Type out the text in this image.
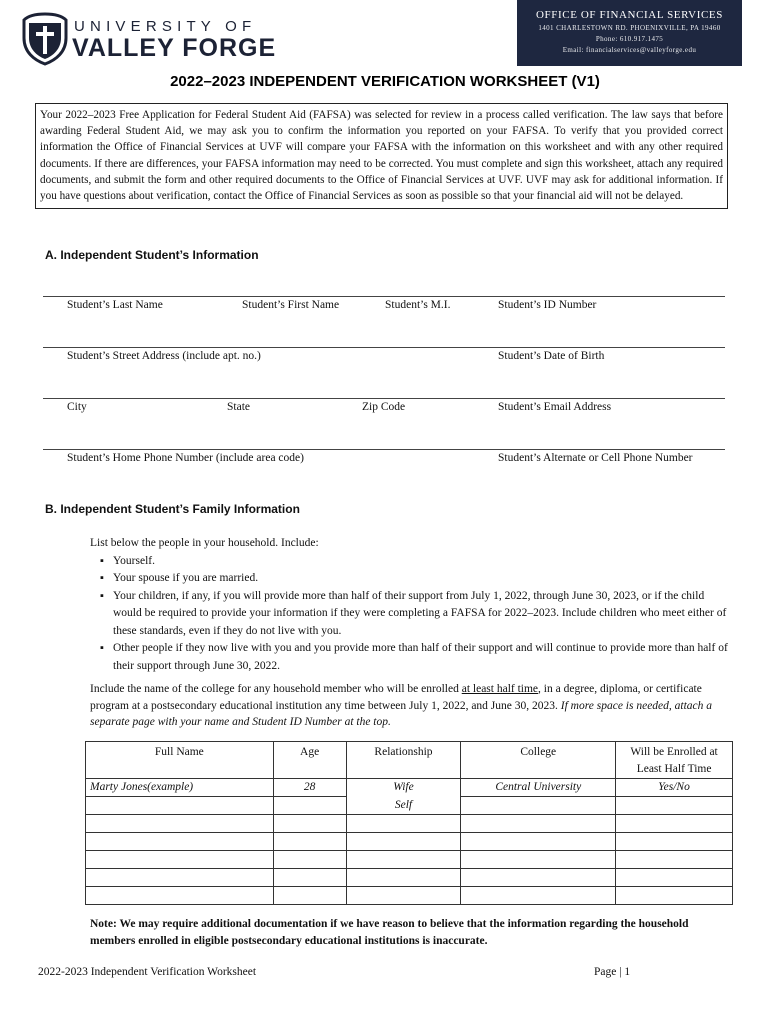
UNIVERSITY OF
VALLEY FORGE
OFFICE OF FINANCIAL SERVICES
1401 CHARLESTOWN RD. PHOENIXVILLE, PA 19460
Phone: 610.917.1475
Email: financialservices@valleyforge.edu
2022–2023 INDEPENDENT VERIFICATION WORKSHEET (V1)
Your 2022–2023 Free Application for Federal Student Aid (FAFSA) was selected for review in a process called verification. The law says that before awarding Federal Student Aid, we may ask you to confirm the information you reported on your FAFSA. To verify that you provided correct information the Office of Financial Services at UVF will compare your FAFSA with the information on this worksheet and with any other required documents. If there are differences, your FAFSA information may need to be corrected. You must complete and sign this worksheet, attach any required documents, and submit the form and other required documents to the Office of Financial Services at UVF. UVF may ask for additional information. If you have questions about verification, contact the Office of Financial Services as soon as possible so that your financial aid will not be delayed.
A. Independent Student’s Information
Student’s Last Name	Student’s First Name	Student’s M.I.	Student’s ID Number
Student’s Street Address (include apt. no.)	Student’s Date of Birth
City	State	Zip Code	Student’s Email Address
Student’s Home Phone Number (include area code)	Student’s Alternate or Cell Phone Number
B. Independent Student’s Family Information
List below the people in your household. Include:
▪ Yourself.
▪ Your spouse if you are married.
▪ Your children, if any, if you will provide more than half of their support from July 1, 2022, through June 30, 2023, or if the child would be required to provide your information if they were completing a FAFSA for 2022–2023. Include children who meet either of these standards, even if they do not live with you.
▪ Other people if they now live with you and you provide more than half of their support and will continue to provide more than half of their support through June 30, 2022.
Include the name of the college for any household member who will be enrolled at least half time, in a degree, diploma, or certificate program at a postsecondary educational institution any time between July 1, 2022, and June 30, 2023. If more space is needed, attach a separate page with your name and Student ID Number at the top.
Full Name	Age	Relationship	College	Will be Enrolled at Least Half Time
Marty Jones(example)	28	Wife	Central University	Yes/No
		Self		

Note: We may require additional documentation if we have reason to believe that the information regarding the household members enrolled in eligible postsecondary educational institutions is inaccurate.
2022-2023 Independent Verification Worksheet	Page | 1
